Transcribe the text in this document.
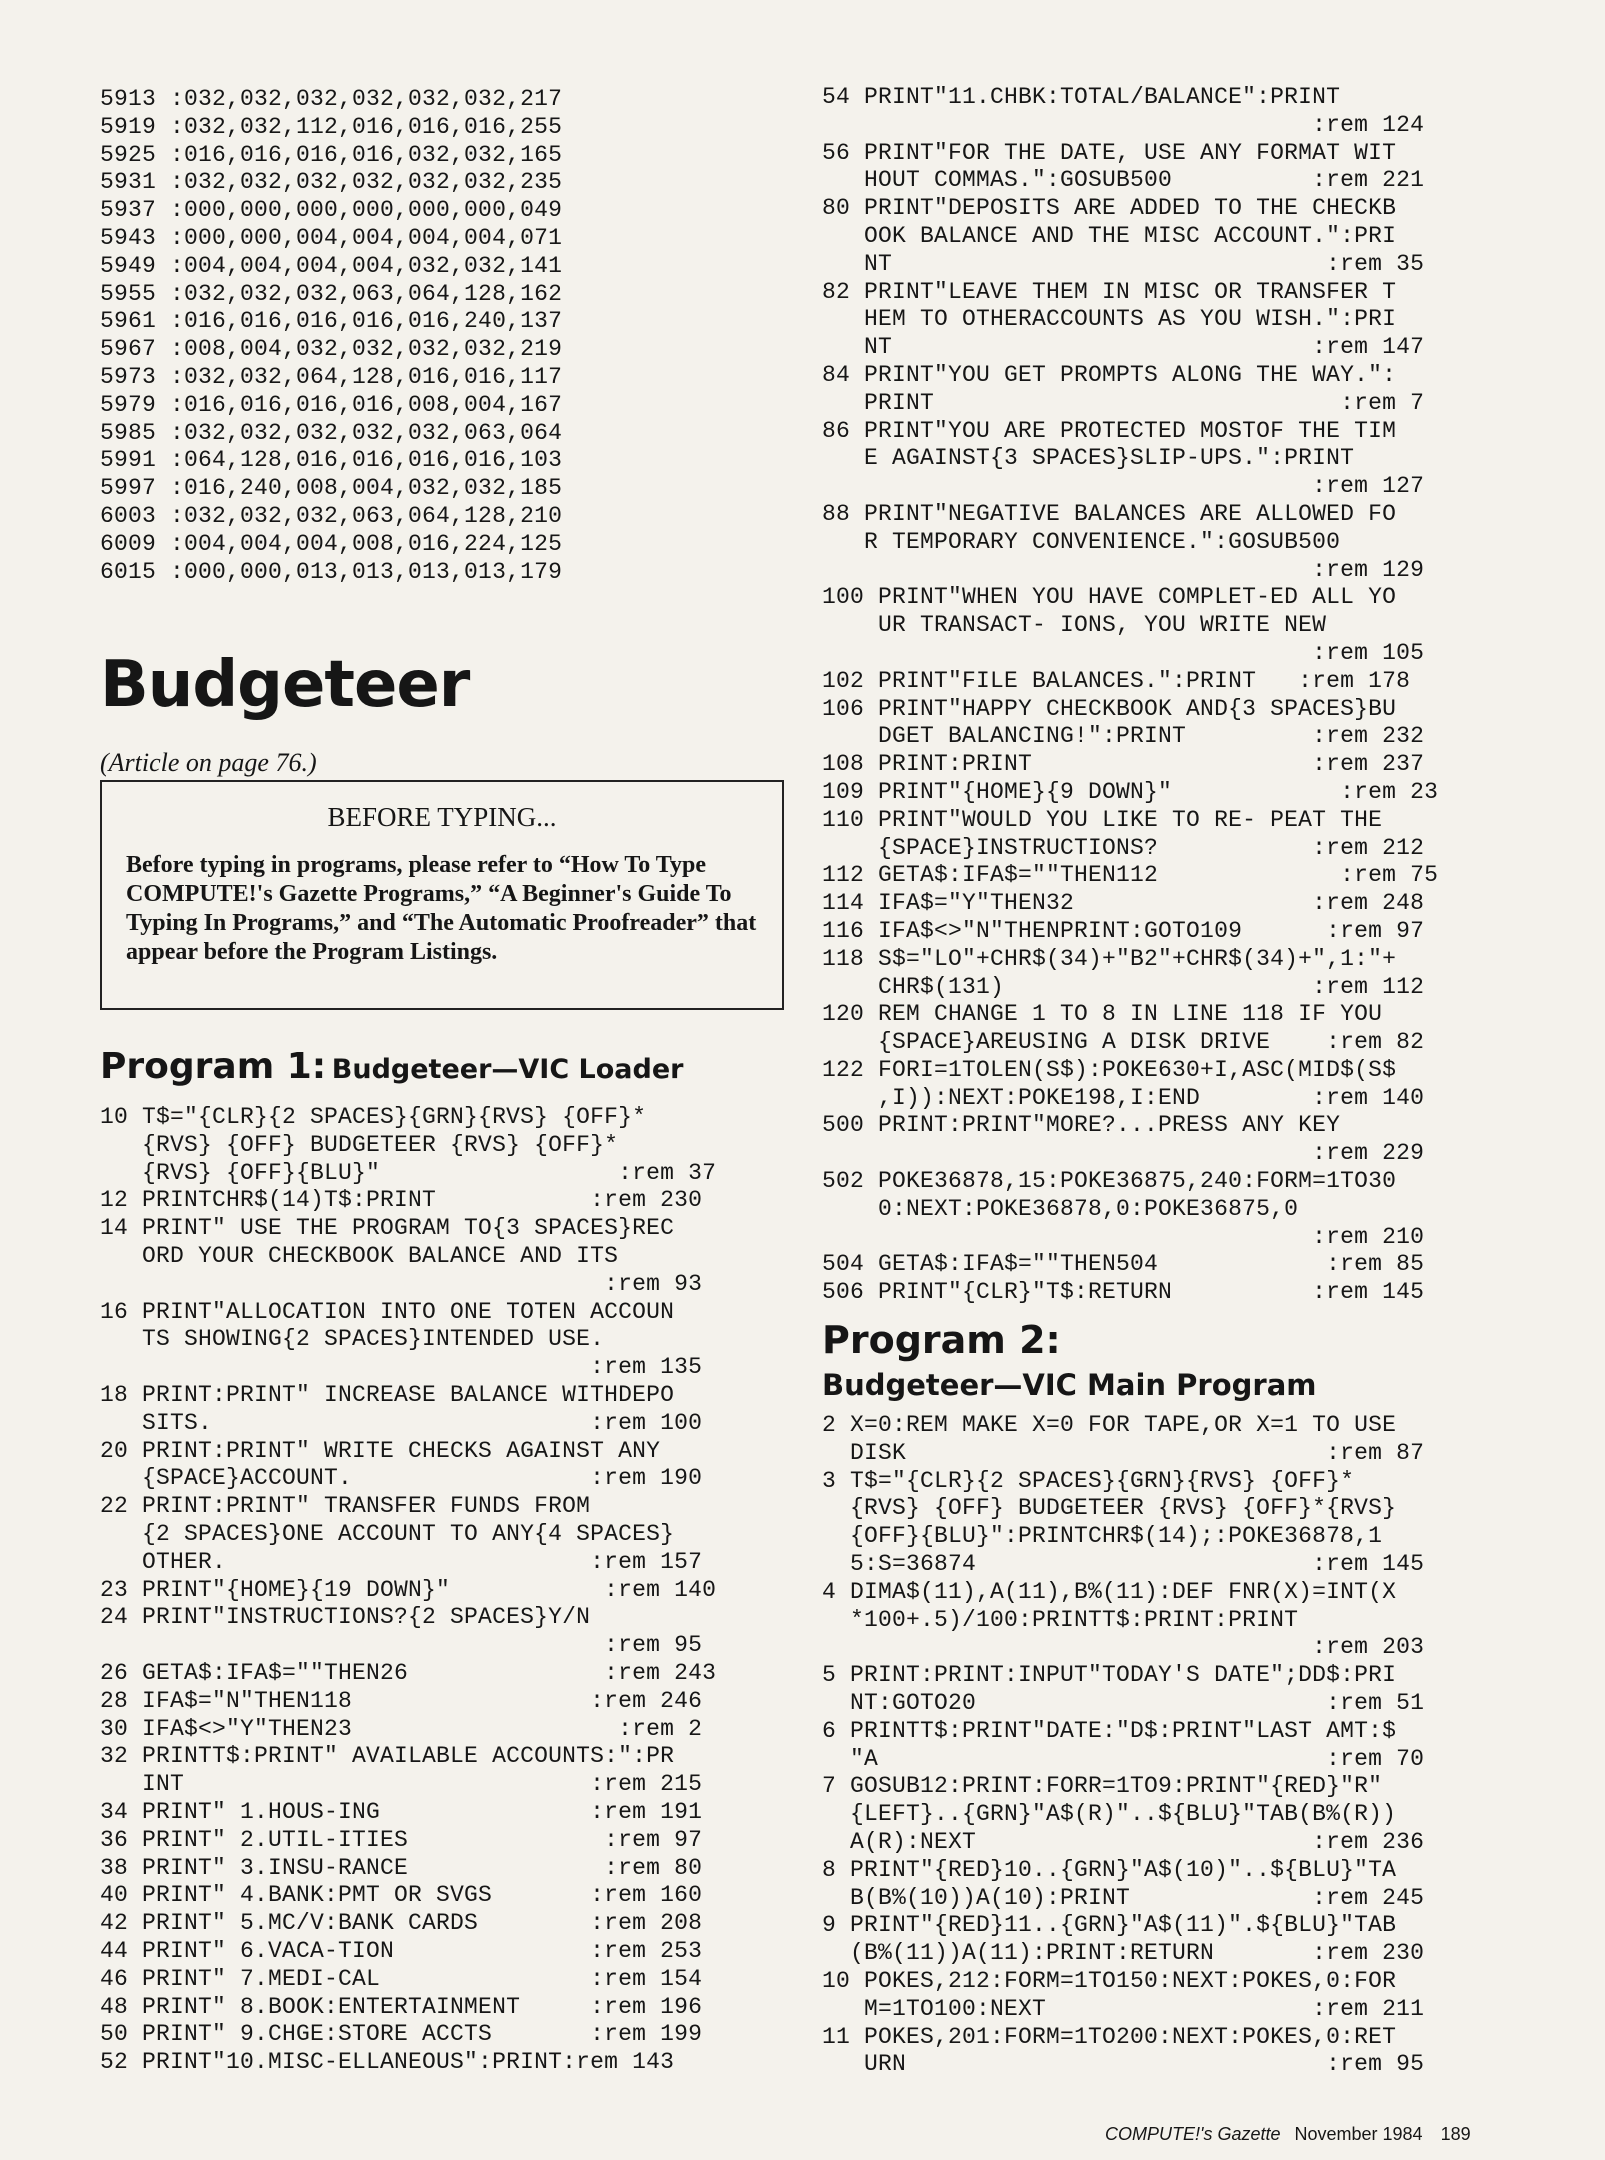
5913 :032,032,032,032,032,032,217
5919 :032,032,112,016,016,016,255
5925 :016,016,016,016,032,032,165
5931 :032,032,032,032,032,032,235
5937 :000,000,000,000,000,000,049
5943 :000,000,004,004,004,004,071
5949 :004,004,004,004,032,032,141
5955 :032,032,032,063,064,128,162
5961 :016,016,016,016,016,240,137
5967 :008,004,032,032,032,032,219
5973 :032,032,064,128,016,016,117
5979 :016,016,016,016,008,004,167
5985 :032,032,032,032,032,063,064
5991 :064,128,016,016,016,016,103
5997 :016,240,008,004,032,032,185
6003 :032,032,032,063,064,128,210
6009 :004,004,004,008,016,224,125
6015 :000,000,013,013,013,013,179
Budgeteer
(Article on page 76.)
BEFORE TYPING...
Before typing in programs, please refer to “How To Type COMPUTE!'s Gazette Programs,” “A Beginner's Guide To Typing In Programs,” and “The Automatic Proofreader” that appear before the Program Listings.
Program 1: Budgeteer—VIC Loader
10 T$="{CLR}{2 SPACES}{GRN}{RVS} {OFF}*
{RVS} {OFF} BUDGETEER {RVS} {OFF}*
{RVS} {OFF}{BLU}"                 :rem 37
12 PRINTCHR$(14)T$:PRINT           :rem 230
14 PRINT" USE THE PROGRAM TO{3 SPACES}REC
ORD YOUR CHECKBOOK BALANCE AND ITS
:rem 93
16 PRINT"ALLOCATION INTO ONE TOTEN ACCOUN
TS SHOWING{2 SPACES}INTENDED USE.
:rem 135
18 PRINT:PRINT" INCREASE BALANCE WITHDEPO
SITS.                           :rem 100
20 PRINT:PRINT" WRITE CHECKS AGAINST ANY
{SPACE}ACCOUNT.                 :rem 190
22 PRINT:PRINT" TRANSFER FUNDS FROM
{2 SPACES}ONE ACCOUNT TO ANY{4 SPACES}
OTHER.                          :rem 157
23 PRINT"{HOME}{19 DOWN}"           :rem 140
24 PRINT"INSTRUCTIONS?{2 SPACES}Y/N
:rem 95
26 GETA$:IFA$=""THEN26              :rem 243
28 IFA$="N"THEN118                 :rem 246
30 IFA$<>"Y"THEN23                   :rem 2
32 PRINTT$:PRINT" AVAILABLE ACCOUNTS:":PR
INT                             :rem 215
34 PRINT" 1.HOUS-ING               :rem 191
36 PRINT" 2.UTIL-ITIES              :rem 97
38 PRINT" 3.INSU-RANCE              :rem 80
40 PRINT" 4.BANK:PMT OR SVGS       :rem 160
42 PRINT" 5.MC/V:BANK CARDS        :rem 208
44 PRINT" 6.VACA-TION              :rem 253
46 PRINT" 7.MEDI-CAL               :rem 154
48 PRINT" 8.BOOK:ENTERTAINMENT     :rem 196
50 PRINT" 9.CHGE:STORE ACCTS       :rem 199
52 PRINT"10.MISC-ELLANEOUS":PRINT:rem 143
54 PRINT"11.CHBK:TOTAL/BALANCE":PRINT
:rem 124
56 PRINT"FOR THE DATE, USE ANY FORMAT WIT
HOUT COMMAS.":GOSUB500          :rem 221
80 PRINT"DEPOSITS ARE ADDED TO THE CHECKB
OOK BALANCE AND THE MISC ACCOUNT.":PRI
NT                               :rem 35
82 PRINT"LEAVE THEM IN MISC OR TRANSFER T
HEM TO OTHERACCOUNTS AS YOU WISH.":PRI
NT                              :rem 147
84 PRINT"YOU GET PROMPTS ALONG THE WAY.":
PRINT                             :rem 7
86 PRINT"YOU ARE PROTECTED MOSTOF THE TIM
E AGAINST{3 SPACES}SLIP-UPS.":PRINT
:rem 127
88 PRINT"NEGATIVE BALANCES ARE ALLOWED FO
R TEMPORARY CONVENIENCE.":GOSUB500
:rem 129
100 PRINT"WHEN YOU HAVE COMPLET-ED ALL YO
UR TRANSACT- IONS, YOU WRITE NEW
:rem 105
102 PRINT"FILE BALANCES.":PRINT   :rem 178
106 PRINT"HAPPY CHECKBOOK AND{3 SPACES}BU
DGET BALANCING!":PRINT         :rem 232
108 PRINT:PRINT                    :rem 237
109 PRINT"{HOME}{9 DOWN}"            :rem 23
110 PRINT"WOULD YOU LIKE TO RE- PEAT THE
{SPACE}INSTRUCTIONS?           :rem 212
112 GETA$:IFA$=""THEN112             :rem 75
114 IFA$="Y"THEN32                 :rem 248
116 IFA$<>"N"THENPRINT:GOTO109      :rem 97
118 S$="LO"+CHR$(34)+"B2"+CHR$(34)+",1:"+
CHR$(131)                      :rem 112
120 REM CHANGE 1 TO 8 IN LINE 118 IF YOU
{SPACE}AREUSING A DISK DRIVE    :rem 82
122 FORI=1TOLEN(S$):POKE630+I,ASC(MID$(S$
,I)):NEXT:POKE198,I:END        :rem 140
500 PRINT:PRINT"MORE?...PRESS ANY KEY
:rem 229
502 POKE36878,15:POKE36875,240:FORM=1TO30
0:NEXT:POKE36878,0:POKE36875,0
:rem 210
504 GETA$:IFA$=""THEN504            :rem 85
506 PRINT"{CLR}"T$:RETURN          :rem 145
Program 2:
Budgeteer—VIC Main Program
2 X=0:REM MAKE X=0 FOR TAPE,OR X=1 TO USE
DISK                              :rem 87
3 T$="{CLR}{2 SPACES}{GRN}{RVS} {OFF}*
{RVS} {OFF} BUDGETEER {RVS} {OFF}*{RVS}
{OFF}{BLU}":PRINTCHR$(14);:POKE36878,1
5:S=36874                        :rem 145
4 DIMA$(11),A(11),B%(11):DEF FNR(X)=INT(X
*100+.5)/100:PRINTT$:PRINT:PRINT
:rem 203
5 PRINT:PRINT:INPUT"TODAY'S DATE";DD$:PRI
NT:GOTO20                         :rem 51
6 PRINTT$:PRINT"DATE:"D$:PRINT"LAST AMT:$
"A                                :rem 70
7 GOSUB12:PRINT:FORR=1TO9:PRINT"{RED}"R"
{LEFT}..{GRN}"A$(R)"..${BLU}"TAB(B%(R))
A(R):NEXT                        :rem 236
8 PRINT"{RED}10..{GRN}"A$(10)"..${BLU}"TA
B(B%(10))A(10):PRINT             :rem 245
9 PRINT"{RED}11..{GRN}"A$(11)".${BLU}"TAB
(B%(11))A(11):PRINT:RETURN       :rem 230
10 POKES,212:FORM=1TO150:NEXT:POKES,0:FOR
M=1TO100:NEXT                   :rem 211
11 POKES,201:FORM=1TO200:NEXT:POKES,0:RET
URN                              :rem 95
COMPUTE!'s Gazette November 1984 189
